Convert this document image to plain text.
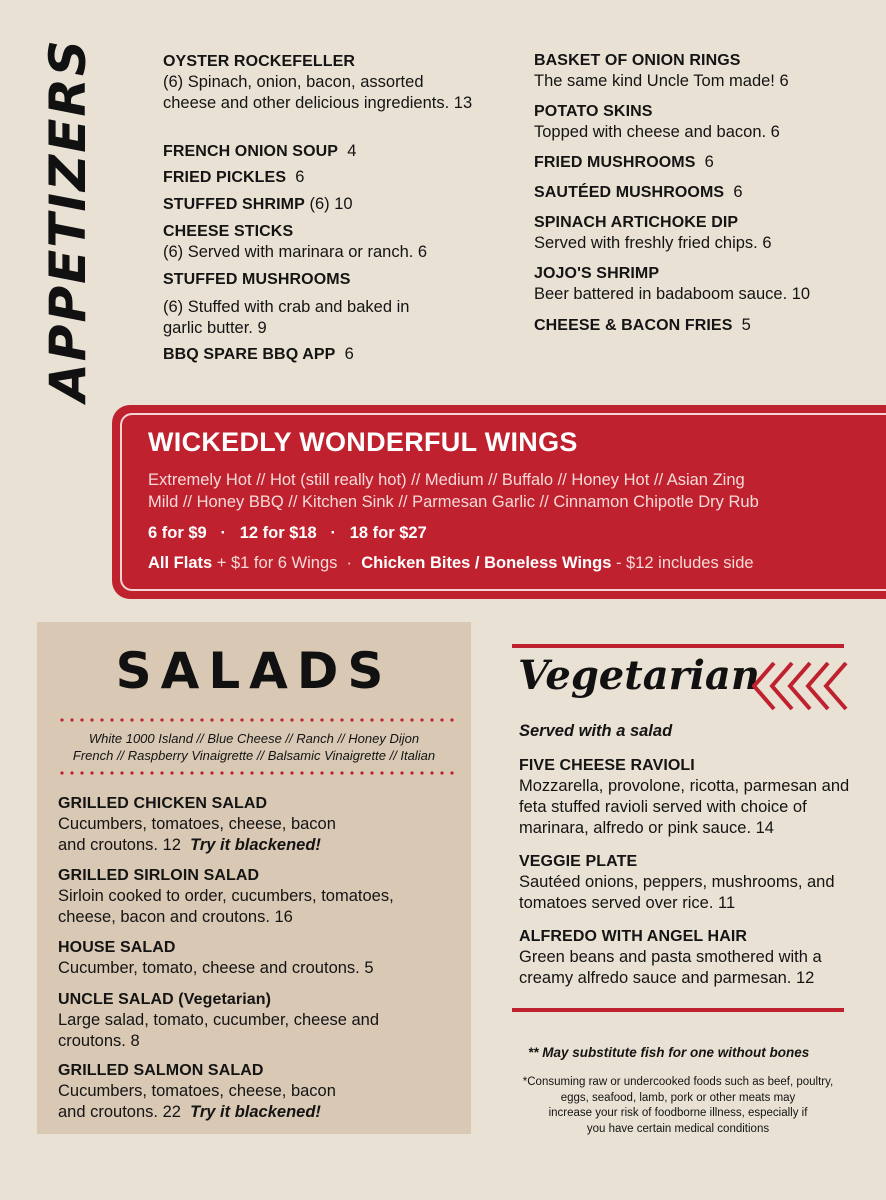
APPETIZERS	OYSTER ROCKEFELLER
(6) Spinach, onion, bacon, assorted cheese and other delicious ingredients. 13
FRENCH ONION SOUP 4
FRIED PICKLES 6
STUFFED SHRIMP (6) 10
CHEESE STICKS
(6) Served with marinara or ranch. 6
STUFFED MUSHROOMS
(6) Stuffed with crab and baked in garlic butter. 9
BBQ SPARE BBQ APP 6
BASKET OF ONION RINGS
The same kind Uncle Tom made! 6
POTATO SKINS
Topped with cheese and bacon. 6
FRIED MUSHROOMS 6
SAUTÉED MUSHROOMS 6
SPINACH ARTICHOKE DIP
Served with freshly fried chips. 6
JOJO'S SHRIMP
Beer battered in badaboom sauce. 10
CHEESE & BACON FRIES 5
WICKEDLY WONDERFUL WINGS
Extremely Hot // Hot (still really hot) // Medium // Buffalo // Honey Hot // Asian Zing
Mild // Honey BBQ // Kitchen Sink // Parmesan Garlic // Cinnamon Chipotle Dry Rub
6 for $9   ·   12 for $18   ·   18 for $27
All Flats + $1 for 6 Wings  ·  Chicken Bites / Boneless Wings - $12 includes side
SALADS
White 1000 Island // Blue Cheese // Ranch // Honey Dijon
French // Raspberry Vinaigrette // Balsamic Vinaigrette // Italian
GRILLED CHICKEN SALAD
Cucumbers, tomatoes, cheese, bacon
and croutons. 12 Try it blackened!
GRILLED SIRLOIN SALAD
Sirloin cooked to order, cucumbers, tomatoes,
cheese, bacon and croutons. 16
HOUSE SALAD
Cucumber, tomato, cheese and croutons. 5
UNCLE SALAD (Vegetarian)
Large salad, tomato, cucumber, cheese and
croutons. 8
GRILLED SALMON SALAD
Cucumbers, tomatoes, cheese, bacon
and croutons. 22 Try it blackened!
Vegetarian
Served with a salad
FIVE CHEESE RAVIOLI
Mozzarella, provolone, ricotta, parmesan and feta stuffed ravioli served with choice of marinara, alfredo or pink sauce. 14
VEGGIE PLATE
Sautéed onions, peppers, mushrooms, and tomatoes served over rice. 11
ALFREDO WITH ANGEL HAIR
Green beans and pasta smothered with a creamy alfredo sauce and parmesan. 12
** May substitute fish for one without bones
*Consuming raw or undercooked foods such as beef, poultry,
eggs, seafood, lamb, pork or other meats may
increase your risk of foodborne illness, especially if
you have certain medical conditions
